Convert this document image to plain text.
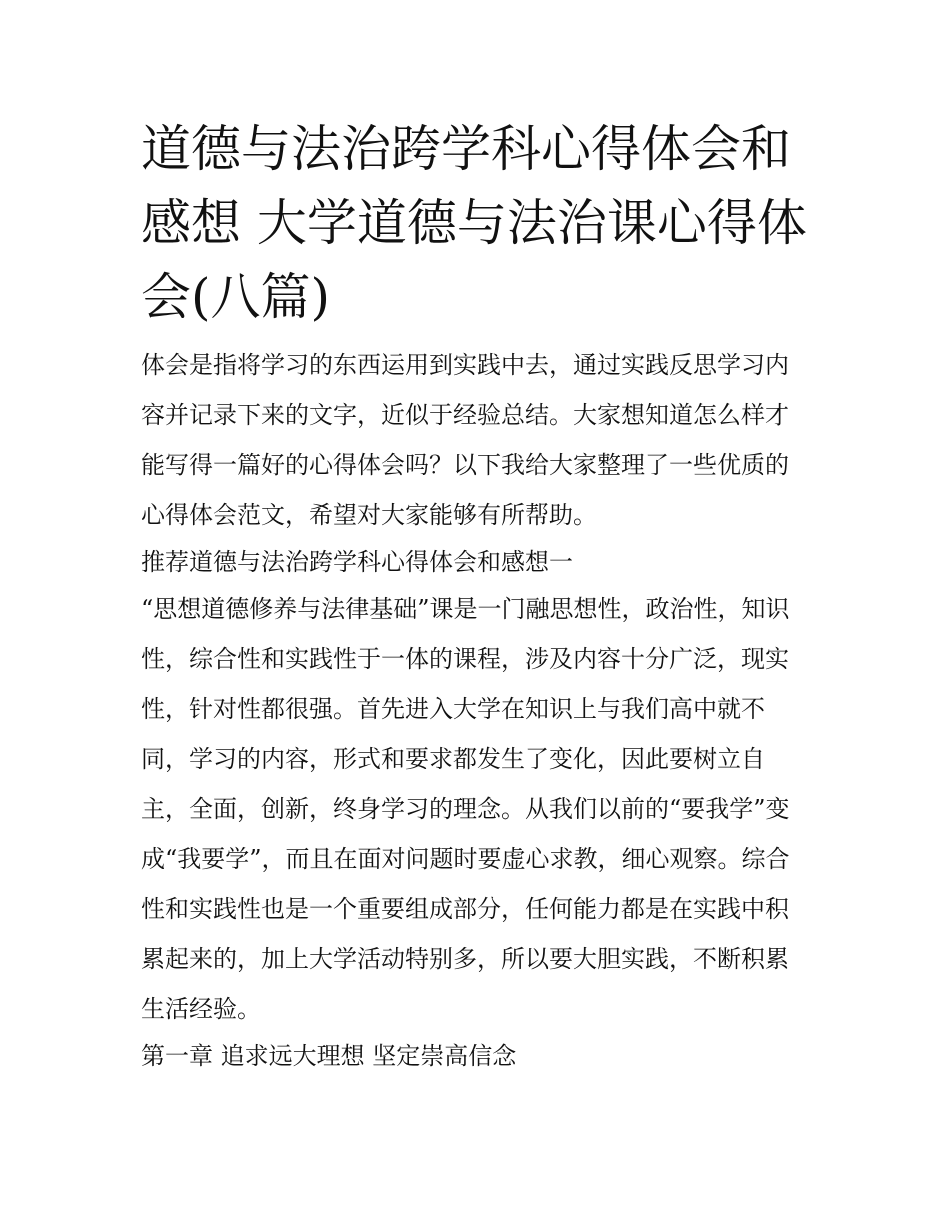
道德与法治跨学科心得体会和
感想 大学道德与法治课心得体
会(八篇)

体会是指将学习的东西运用到实践中去，通过实践反思学习内

容并记录下来的文字，近似于经验总结。大家想知道怎么样才

能写得一篇好的心得体会吗？以下我给大家整理了一些优质的

心得体会范文，希望对大家能够有所帮助。

推荐道德与法治跨学科心得体会和感想一

“思想道德修养与法律基础”课是一门融思想性，政治性，知识

性，综合性和实践性于一体的课程，涉及内容十分广泛，现实

性，针对性都很强。首先进入大学在知识上与我们高中就不

同，学习的内容，形式和要求都发生了变化，因此要树立自

主，全面，创新，终身学习的理念。从我们以前的“要我学”变

成“我要学”，而且在面对问题时要虚心求教，细心观察。综合

性和实践性也是一个重要组成部分，任何能力都是在实践中积

累起来的，加上大学活动特别多，所以要大胆实践，不断积累

生活经验。

第一章 追求远大理想 坚定崇高信念
